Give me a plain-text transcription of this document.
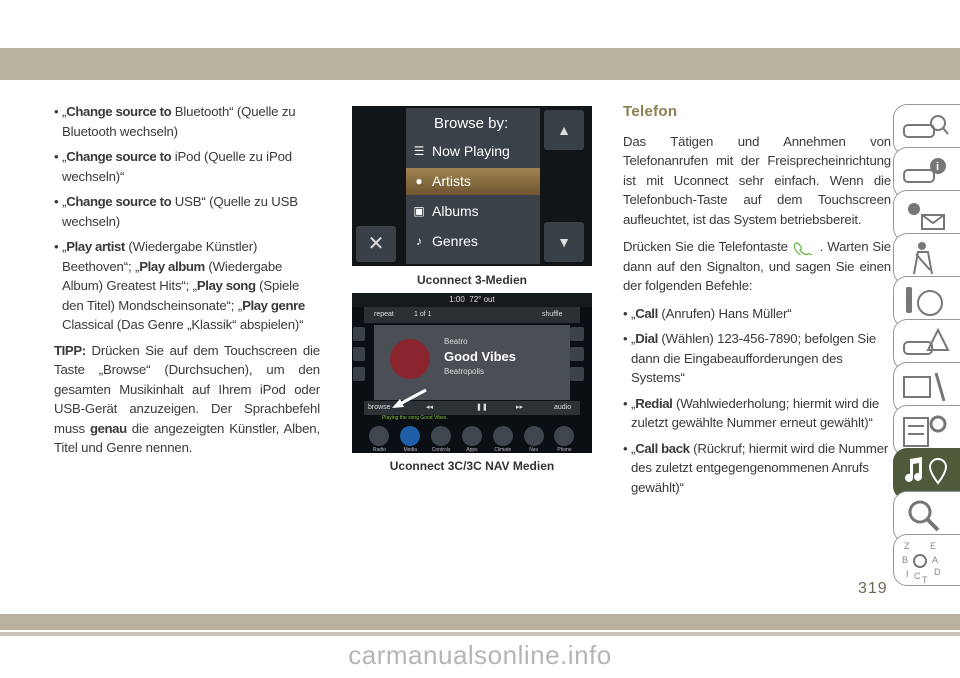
• „Change source to Bluetooth“ (Quelle zu Bluetooth wechseln)
• „Change source to iPod (Quelle zu iPod wechseln)“
• „Change source to USB“ (Quelle zu USB wechseln)
• „Play artist (Wiedergabe Künstler) Beethoven“; „Play album (Wiedergabe Album) Greatest Hits“; „Play song (Spiele den Titel) Mondscheinsonate“; „Play genre Classical (Das Genre „Klassik“ abspielen)“
TIPP: Drücken Sie auf dem Touchscreen die Taste „Browse“ (Durchsuchen), um den gesamten Musikinhalt auf Ihrem iPod oder USB-Gerät anzuzeigen. Der Sprachbefehl muss genau die angezeigten Künstler, Alben, Titel und Genre nennen.
Browse by:
☰ Now Playing
● Artists
▣ Albums
♪ Genres
✕
▲
▼
Uconnect 3-Medien
1:00 72° out
repeat	1 of 1	shuffle
Beatro
Good Vibes
Beatropolis
browse	◂◂	❚❚	▸▸	audio
Playing the song Good Vibes.
Radio	Media	Controls	Apps	Climate	Nav	Phone
Uconnect 3C/3C NAV Medien
Telefon
Das Tätigen und Annehmen von Telefonanrufen mit der Freisprecheinrichtung ist mit Uconnect sehr einfach. Wenn die Telefonbuch-Taste auf dem Touchscreen aufleuchtet, ist das System betriebsbereit.
Drücken Sie die Telefontaste . Warten Sie dann auf den Signalton, und sagen Sie einen der folgenden Befehle:
• „Call (Anrufen) Hans Müller“
• „Dial (Wählen) 123-456-7890; befolgen Sie dann die Eingabeaufforderungen des Systems“
• „Redial (Wahlwiederholung; hiermit wird die zuletzt gewählte Nummer erneut gewählt)“
• „Call back (Rückruf; hiermit wird die Nummer des zuletzt entgegengenommenen Anrufs gewählt)“
i
Z E
B	A
I	D
C T
319
carmanualsonline.info
